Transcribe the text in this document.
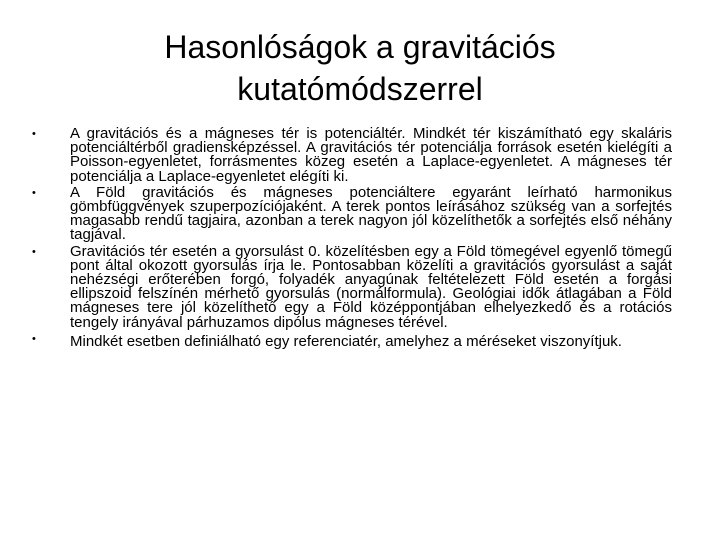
Hasonlóságok a gravitációs
kutatómódszerrel
• A gravitációs és a mágneses tér is potenciáltér. Mindkét tér kiszámítható egy skaláris potenciáltérből gradiensképzéssel. A gravitációs tér potenciálja források esetén kielégíti a Poisson-egyenletet, forrásmentes közeg esetén a Laplace-egyenletet. A mágneses tér potenciálja a Laplace-egyenletet elégíti ki.
• A Föld gravitációs és mágneses potenciáltere egyaránt leírható harmonikus gömbfüggvények szuperpozíciójaként. A terek pontos leírásához szükség van a sorfejtés magasabb rendű tagjaira, azonban a terek nagyon jól közelíthetők a sorfejtés első néhány tagjával.
• Gravitációs tér esetén a gyorsulást 0. közelítésben egy a Föld tömegével egyenlő tömegű pont által okozott gyorsulás írja le. Pontosabban közelíti a gravitációs gyorsulást a saját nehézségi erőterében forgó, folyadék anyagúnak feltételezett Föld esetén a forgási ellipszoid felszínén mérhető gyorsulás (normálformula). Geológiai idők átlagában a Föld mágneses tere jól közelíthető egy a Föld középpontjában elhelyezkedő és a rotációs tengely irányával párhuzamos dipólus mágneses térével.
• Mindkét esetben definiálható egy referenciatér, amelyhez a méréseket viszonyítjuk.
